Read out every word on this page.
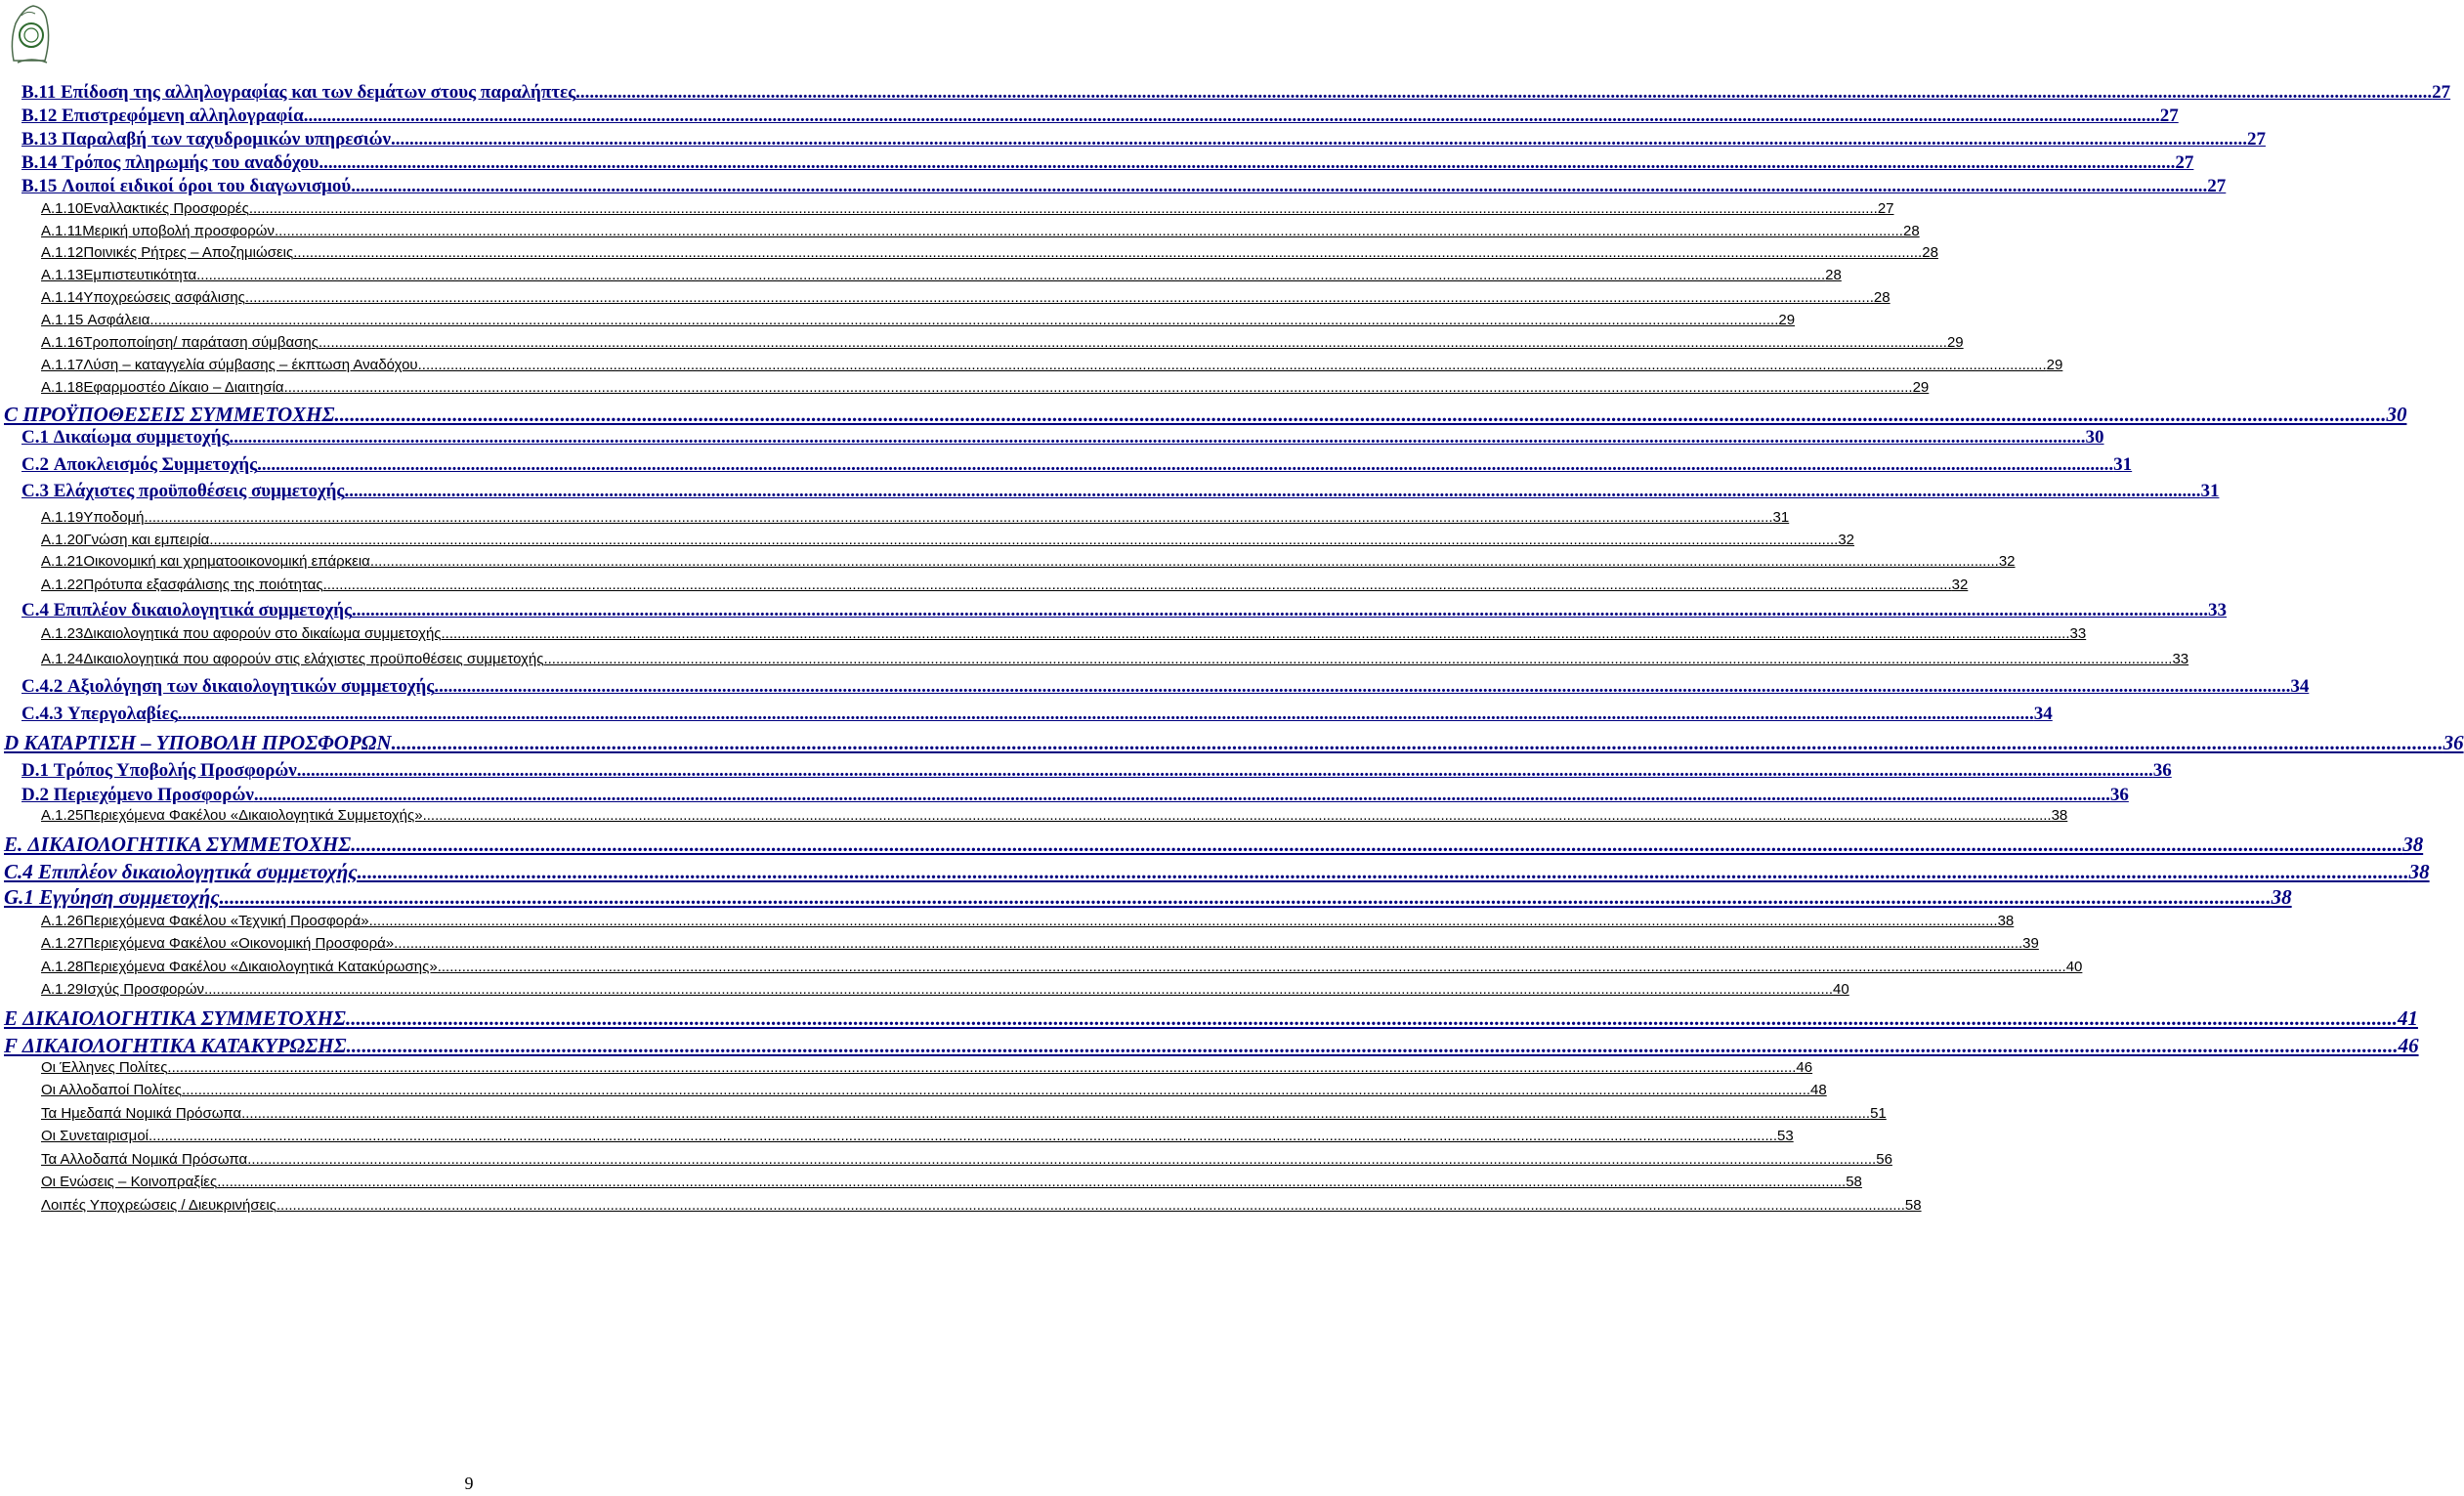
B.11 Επίδοση της αλληλογραφίας και των δεμάτων στους παραλήπτες ................................................................................................................................................................................................................................................................................................................................................................................................................ 27
B.12 Επιστρεφόμενη αλληλογραφία ................................................................................................................................................................................................................................................................................................................................................................................................................ 27
B.13 Παραλαβή των ταχυδρομικών υπηρεσιών ................................................................................................................................................................................................................................................................................................................................................................................................................ 27
B.14 Τρόπος πληρωμής του αναδόχου ................................................................................................................................................................................................................................................................................................................................................................................................................ 27
B.15 Λοιποί ειδικοί όροι του διαγωνισμού ................................................................................................................................................................................................................................................................................................................................................................................................................ 27
A.1.10Εναλλακτικές Προσφορές ................................................................................................................................................................................................................................................................................................................................................................................................................ 27
A.1.11Μερική υποβολή προσφορών ................................................................................................................................................................................................................................................................................................................................................................................................................ 28
A.1.12Ποινικές Ρήτρες – Αποζημιώσεις ................................................................................................................................................................................................................................................................................................................................................................................................................ 28
A.1.13Εμπιστευτικότητα ................................................................................................................................................................................................................................................................................................................................................................................................................ 28
A.1.14Υποχρεώσεις ασφάλισης ................................................................................................................................................................................................................................................................................................................................................................................................................ 28
A.1.15 Ασφάλεια ................................................................................................................................................................................................................................................................................................................................................................................................................ 29
A.1.16Τροποποίηση/ παράταση σύμβασης ................................................................................................................................................................................................................................................................................................................................................................................................................ 29
A.1.17Λύση – καταγγελία σύμβασης – έκπτωση Αναδόχου ................................................................................................................................................................................................................................................................................................................................................................................................................ 29
A.1.18Εφαρμοστέο Δίκαιο – Διαιτησία ................................................................................................................................................................................................................................................................................................................................................................................................................ 29
C ΠΡΟΫΠΟΘΕΣΕΙΣ ΣΥΜΜΕΤΟΧΗΣ ................................................................................................................................................................................................................................................................................................................................................................................................................ 30
C.1 Δικαίωμα συμμετοχής ................................................................................................................................................................................................................................................................................................................................................................................................................ 30
C.2 Αποκλεισμός Συμμετοχής ................................................................................................................................................................................................................................................................................................................................................................................................................ 31
C.3 Ελάχιστες προϋποθέσεις συμμετοχής ................................................................................................................................................................................................................................................................................................................................................................................................................ 31
A.1.19Υποδομή ................................................................................................................................................................................................................................................................................................................................................................................................................ 31
A.1.20Γνώση και εμπειρία ................................................................................................................................................................................................................................................................................................................................................................................................................ 32
A.1.21Οικονομική και χρηματοοικονομική επάρκεια ................................................................................................................................................................................................................................................................................................................................................................................................................ 32
A.1.22Πρότυπα εξασφάλισης της ποιότητας ................................................................................................................................................................................................................................................................................................................................................................................................................ 32
C.4 Επιπλέον δικαιολογητικά συμμετοχής ................................................................................................................................................................................................................................................................................................................................................................................................................ 33
A.1.23Δικαιολογητικά που αφορούν στο δικαίωμα συμμετοχής ................................................................................................................................................................................................................................................................................................................................................................................................................ 33
A.1.24Δικαιολογητικά που αφορούν στις ελάχιστες προϋποθέσεις συμμετοχής ................................................................................................................................................................................................................................................................................................................................................................................................................ 33
C.4.2 Αξιολόγηση των δικαιολογητικών συμμετοχής ................................................................................................................................................................................................................................................................................................................................................................................................................ 34
C.4.3 Υπεργολαβίες ................................................................................................................................................................................................................................................................................................................................................................................................................ 34
D ΚΑΤΑΡΤΙΣΗ – ΥΠΟΒΟΛΗ ΠΡΟΣΦΟΡΩΝ ................................................................................................................................................................................................................................................................................................................................................................................................................ 36
D.1 Τρόπος Υποβολής Προσφορών ................................................................................................................................................................................................................................................................................................................................................................................................................ 36
D.2 Περιεχόμενο Προσφορών ................................................................................................................................................................................................................................................................................................................................................................................................................ 36
A.1.25Περιεχόμενα Φακέλου «Δικαιολογητικά Συμμετοχής» ................................................................................................................................................................................................................................................................................................................................................................................................................ 38
E. ΔΙΚΑΙΟΛΟΓΗΤΙΚΑ ΣΥΜΜΕΤΟΧΗΣ ................................................................................................................................................................................................................................................................................................................................................................................................................ 38
C.4 Επιπλέον δικαιολογητικά συμμετοχής ................................................................................................................................................................................................................................................................................................................................................................................................................ 38
G.1 Εγγύηση συμμετοχής ................................................................................................................................................................................................................................................................................................................................................................................................................ 38
A.1.26Περιεχόμενα Φακέλου «Τεχνική Προσφορά» ................................................................................................................................................................................................................................................................................................................................................................................................................ 38
A.1.27Περιεχόμενα Φακέλου «Οικονομική Προσφορά» ................................................................................................................................................................................................................................................................................................................................................................................................................ 39
A.1.28Περιεχόμενα Φακέλου «Δικαιολογητικά Κατακύρωσης» ................................................................................................................................................................................................................................................................................................................................................................................................................ 40
A.1.29Ισχύς Προσφορών ................................................................................................................................................................................................................................................................................................................................................................................................................ 40
E ΔΙΚΑΙΟΛΟΓΗΤΙΚΑ ΣΥΜΜΕΤΟΧΗΣ ................................................................................................................................................................................................................................................................................................................................................................................................................ 41
F ΔΙΚΑΙΟΛΟΓΗΤΙΚΑ ΚΑΤΑΚΥΡΩΣΗΣ ................................................................................................................................................................................................................................................................................................................................................................................................................ 46
Οι Έλληνες Πολίτες ................................................................................................................................................................................................................................................................................................................................................................................................................ 46
Οι Αλλοδαποί Πολίτες ................................................................................................................................................................................................................................................................................................................................................................................................................ 48
Τα Ημεδαπά Νομικά Πρόσωπα ................................................................................................................................................................................................................................................................................................................................................................................................................ 51
Οι Συνεταιρισμοί ................................................................................................................................................................................................................................................................................................................................................................................................................ 53
Τα Αλλοδαπά Νομικά Πρόσωπα ................................................................................................................................................................................................................................................................................................................................................................................................................ 56
Οι Ενώσεις – Κοινοπραξίες ................................................................................................................................................................................................................................................................................................................................................................................................................ 58
Λοιπές Υποχρεώσεις / Διευκρινήσεις ................................................................................................................................................................................................................................................................................................................................................................................................................ 58
9
